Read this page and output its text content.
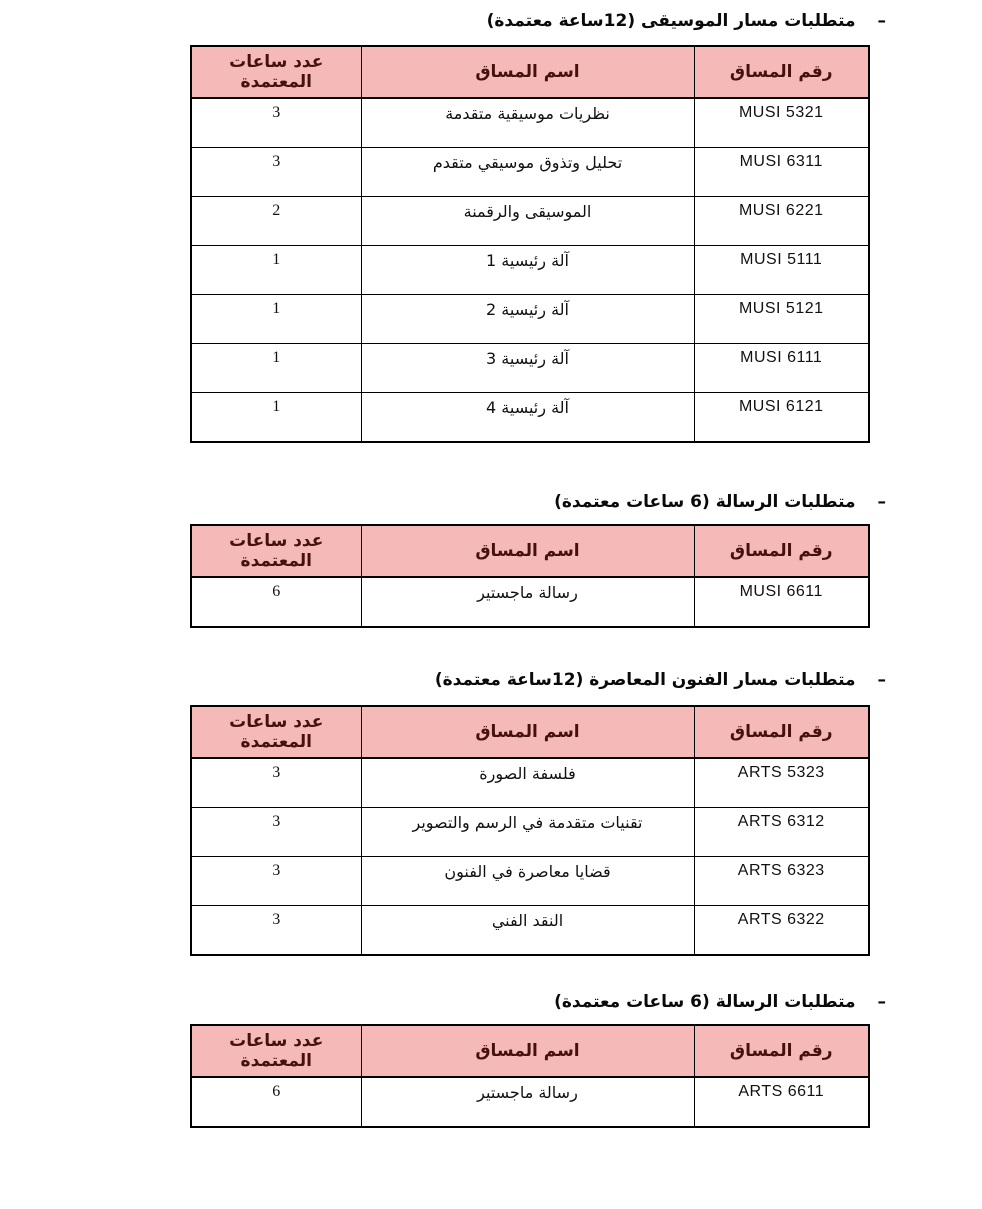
– متطلبات مسار الموسيقى (12ساعة معتمدة)
رقم المساق	اسم المساق	عدد ساعات المعتمدة
MUSI 5321	نظريات موسيقية متقدمة	3
MUSI 6311	تحليل وتذوق موسيقي متقدم	3
MUSI 6221	الموسيقى والرقمنة	2
MUSI 5111	آلة رئيسية 1	1
MUSI 5121	آلة رئيسية 2	1
MUSI 6111	آلة رئيسية 3	1
MUSI 6121	آلة رئيسية 4	1
– متطلبات الرسالة (6 ساعات معتمدة)
رقم المساق	اسم المساق	عدد ساعات المعتمدة
MUSI 6611	رسالة ماجستير	6
– متطلبات مسار الفنون المعاصرة (12ساعة معتمدة)
رقم المساق	اسم المساق	عدد ساعات المعتمدة
ARTS 5323	فلسفة الصورة	3
ARTS 6312	تقنيات متقدمة في الرسم والتصوير	3
ARTS 6323	قضايا معاصرة في الفنون	3
ARTS 6322	النقد الفني	3
– متطلبات الرسالة (6 ساعات معتمدة)
رقم المساق	اسم المساق	عدد ساعات المعتمدة
ARTS 6611	رسالة ماجستير	6
